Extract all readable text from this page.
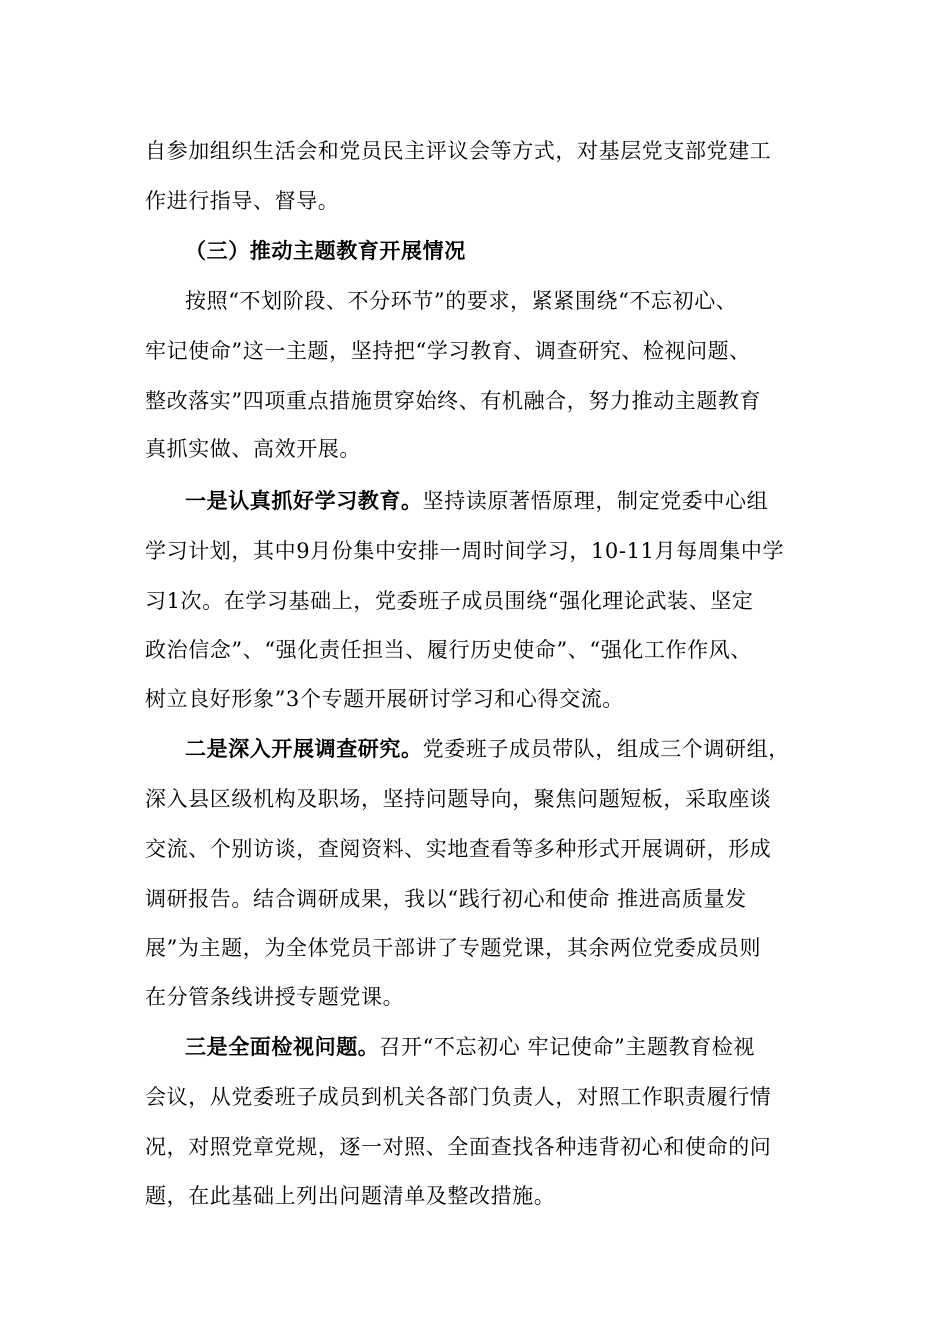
自参加组织生活会和党员民主评议会等方式，对基层党支部党建工
作进行指导、督导。
（三）推动主题教育开展情况
按照“不划阶段、不分环节”的要求，紧紧围绕“不忘初心、
牢记使命”这一主题，坚持把“学习教育、调查研究、检视问题、
整改落实”四项重点措施贯穿始终、有机融合，努力推动主题教育
真抓实做、高效开展。
一是认真抓好学习教育。坚持读原著悟原理，制定党委中心组
学习计划，其中9月份集中安排一周时间学习，10-11月每周集中学
习1次。在学习基础上，党委班子成员围绕“强化理论武装、坚定
政治信念”、“强化责任担当、履行历史使命”、“强化工作作风、
树立良好形象”3个专题开展研讨学习和心得交流。
二是深入开展调查研究。党委班子成员带队，组成三个调研组，
深入县区级机构及职场，坚持问题导向，聚焦问题短板，采取座谈
交流、个别访谈，查阅资料、实地查看等多种形式开展调研，形成
调研报告。结合调研成果，我以“践行初心和使命 推进高质量发
展”为主题，为全体党员干部讲了专题党课，其余两位党委成员则
在分管条线讲授专题党课。
三是全面检视问题。召开“不忘初心 牢记使命”主题教育检视
会议，从党委班子成员到机关各部门负责人，对照工作职责履行情
况，对照党章党规，逐一对照、全面查找各种违背初心和使命的问
题，在此基础上列出问题清单及整改措施。
